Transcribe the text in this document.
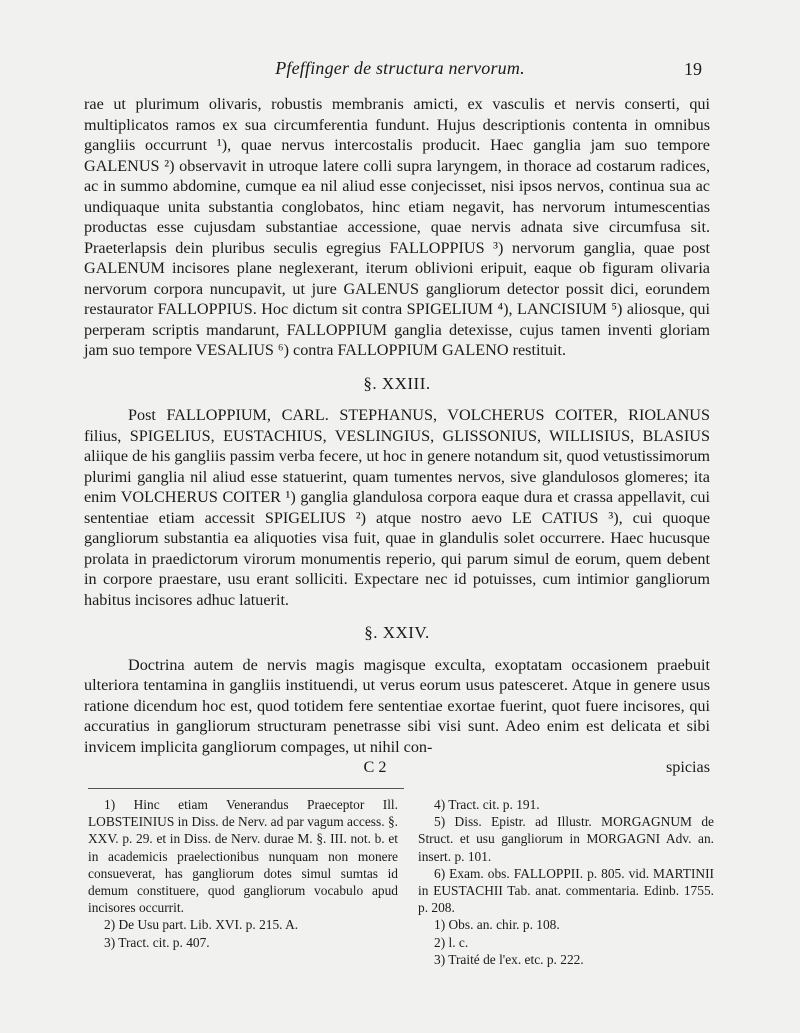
Pfeffinger de structura nervorum.	19

rae ut plurimum olivaris, robustis membranis amicti, ex vasculis et nervis conserti, qui multiplicatos ramos ex sua circumferentia fundunt. Hujus descriptionis contenta in omnibus gangliis occurrunt ¹), quae nervus intercostalis producit. Haec ganglia jam suo tempore GALENUS ²) observavit in utroque latere colli supra laryngem, in thorace ad costarum radices, ac in summo abdomine, cumque ea nil aliud esse conjecisset, nisi ipsos nervos, continua sua ac undiquaque unita substantia conglobatos, hinc etiam negavit, has nervorum intumescentias productas esse cujusdam substantiae accessione, quae nervis adnata sive circumfusa sit. Praeterlapsis dein pluribus seculis egregius FALLOPPIUS ³) nervorum ganglia, quae post GALENUM incisores plane neglexerant, iterum oblivioni eripuit, eaque ob figuram olivaria nervorum corpora nuncupavit, ut jure GALENUS gangliorum detector possit dici, eorundem restaurator FALLOPPIUS. Hoc dictum sit contra SPIGELIUM ⁴), LANCISIUM ⁵) aliosque, qui perperam scriptis mandarunt, FALLOPPIUM ganglia detexisse, cujus tamen inventi gloriam jam suo tempore VESALIUS ⁶) contra FALLOPPIUM GALENO restituit.

§. XXIII.

Post FALLOPPIUM, CARL. STEPHANUS, VOLCHERUS COITER, RIOLANUS filius, SPIGELIUS, EUSTACHIUS, VESLINGIUS, GLISSONIUS, WILLISIUS, BLASIUS aliique de his gangliis passim verba fecere, ut hoc in genere notandum sit, quod vetustissimorum plurimi ganglia nil aliud esse statuerint, quam tumentes nervos, sive glandulosos glomeres; ita enim VOLCHERUS COITER ¹) ganglia glandulosa corpora eaque dura et crassa appellavit, cui sententiae etiam accessit SPIGELIUS ²) atque nostro aevo LE CATIUS ³), cui quoque gangliorum substantia ea aliquoties visa fuit, quae in glandulis solet occurrere. Haec hucusque prolata in praedictorum virorum monumentis reperio, qui parum simul de eorum, quem debent in corpore praestare, usu erant solliciti. Expectare nec id potuisses, cum intimior gangliorum habitus incisores adhuc latuerit.

§. XXIV.

Doctrina autem de nervis magis magisque exculta, exoptatam occasionem praebuit ulteriora tentamina in gangliis instituendi, ut verus eorum usus patesceret. Atque in genere usus ratione dicendum hoc est, quod totidem fere sententiae exortae fuerint, quot fuere incisores, qui accuratius in gangliorum structuram penetrasse sibi visi sunt. Adeo enim est delicata et sibi invicem implicita gangliorum compages, ut nihil con-

C 2	spicias

1) Hinc etiam Venerandus Praeceptor Ill. LOBSTEINIUS in Diss. de Nerv. ad par vagum access. §. XXV. p. 29. et in Diss. de Nerv. durae M. §. III. not. b. et in academicis praelectionibus nunquam non monere consueverat, has gangliorum dotes simul sumtas id demum constituere, quod gangliorum vocabulo apud incisores occurrit.

2) De Usu part. Lib. XVI. p. 215. A.

3) Tract. cit. p. 407.

4) Tract. cit. p. 191.

5) Diss. Epistr. ad Illustr. MORGAGNUM de Struct. et usu gangliorum in MORGAGNI Adv. an. insert. p. 101.

6) Exam. obs. FALLOPPII. p. 805. vid. MARTINII in EUSTACHII Tab. anat. commentaria. Edinb. 1755. p. 208.

1) Obs. an. chir. p. 108.

2) l. c.

3) Traité de l'ex. etc. p. 222.
